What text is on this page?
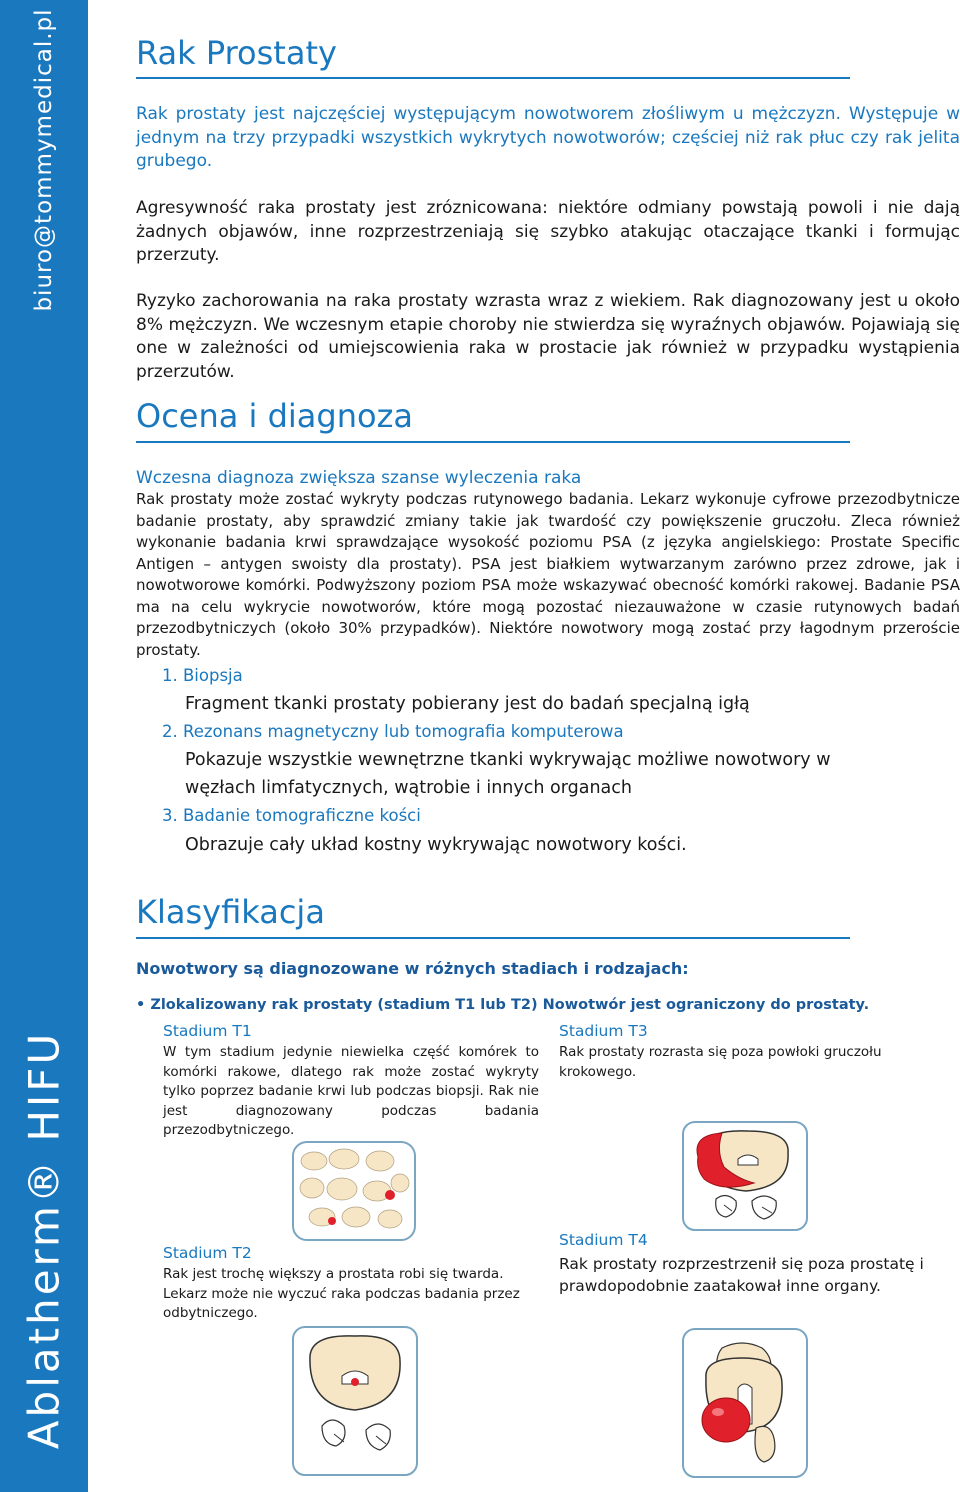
biuro@tommymedical.pl
Ablatherm® HIFU
Rak Prostaty

Rak prostaty jest najczęściej występującym nowotworem złośliwym u mężczyzn. Występuje w jednym na trzy przypadki wszystkich wykrytych nowotworów; częściej niż rak płuc czy rak jelita grubego.

Agresywność raka prostaty jest zróznicowana: niektóre odmiany powstają powoli i nie dają żadnych objawów, inne rozprzestrzeniają się szybko atakując otaczające tkanki i formując przerzuty.

Ryzyko zachorowania na raka prostaty wzrasta wraz z wiekiem. Rak diagnozowany jest u około 8% mężczyzn. We wczesnym etapie choroby nie stwierdza się wyraźnych objawów. Pojawiają się one w zależności od umiejscowienia raka w prostacie jak również w przypadku wystąpienia przerzutów.

Ocena i diagnoza
Wczesna diagnoza zwiększa szanse wyleczenia raka

Rak prostaty może zostać wykryty podczas rutynowego badania. Lekarz wykonuje cyfrowe przezodbytnicze badanie prostaty, aby sprawdzić zmiany takie jak twardość czy powiększenie gruczołu. Zleca również wykonanie badania krwi sprawdzające wysokość poziomu PSA (z języka angielskiego: Prostate Specific Antigen – antygen swoisty dla prostaty). PSA jest białkiem wytwarzanym zarówno przez zdrowe, jak i nowotworowe komórki. Podwyższony poziom PSA może wskazywać obecność komórki rakowej. Badanie PSA ma na celu wykrycie nowotworów, które mogą pozostać niezauważone w czasie rutynowych badań przezodbytniczych (około 30% przypadków). Niektóre nowotwory mogą zostać przy łagodnym przeroście prostaty.

1. Biopsja

Fragment tkanki prostaty pobierany jest do badań specjalną igłą

2. Rezonans magnetyczny lub tomografia komputerowa

Pokazuje wszystkie wewnętrzne tkanki wykrywając możliwe nowotwory w węzłach limfatycznych, wątrobie i innych organach

3. Badanie tomograficzne kości

Obrazuje cały układ kostny wykrywając nowotwory kości.

Klasyfikacja
Nowotwory są diagnozowane w różnych stadiach i rodzajach:
• Zlokalizowany rak prostaty (stadium T1 lub T2) Nowotwór jest ograniczony do prostaty.
Stadium T1

W tym stadium jedynie niewielka część komórek to komórki rakowe, dlatego rak może zostać wykryty tylko poprzez badanie krwi lub podczas biopsji. Rak nie jest diagnozowany podczas badania przezodbytniczego.

Stadium T2

Rak jest trochę większy a prostata robi się twarda. Lekarz może nie wyczuć raka podczas badania przez odbytniczego.

Stadium T3

Rak prostaty rozrasta się poza powłoki gruczołu krokowego.

Stadium T4

Rak prostaty rozprzestrzenił się poza prostatę i prawdopodobnie zaatakował inne organy.
